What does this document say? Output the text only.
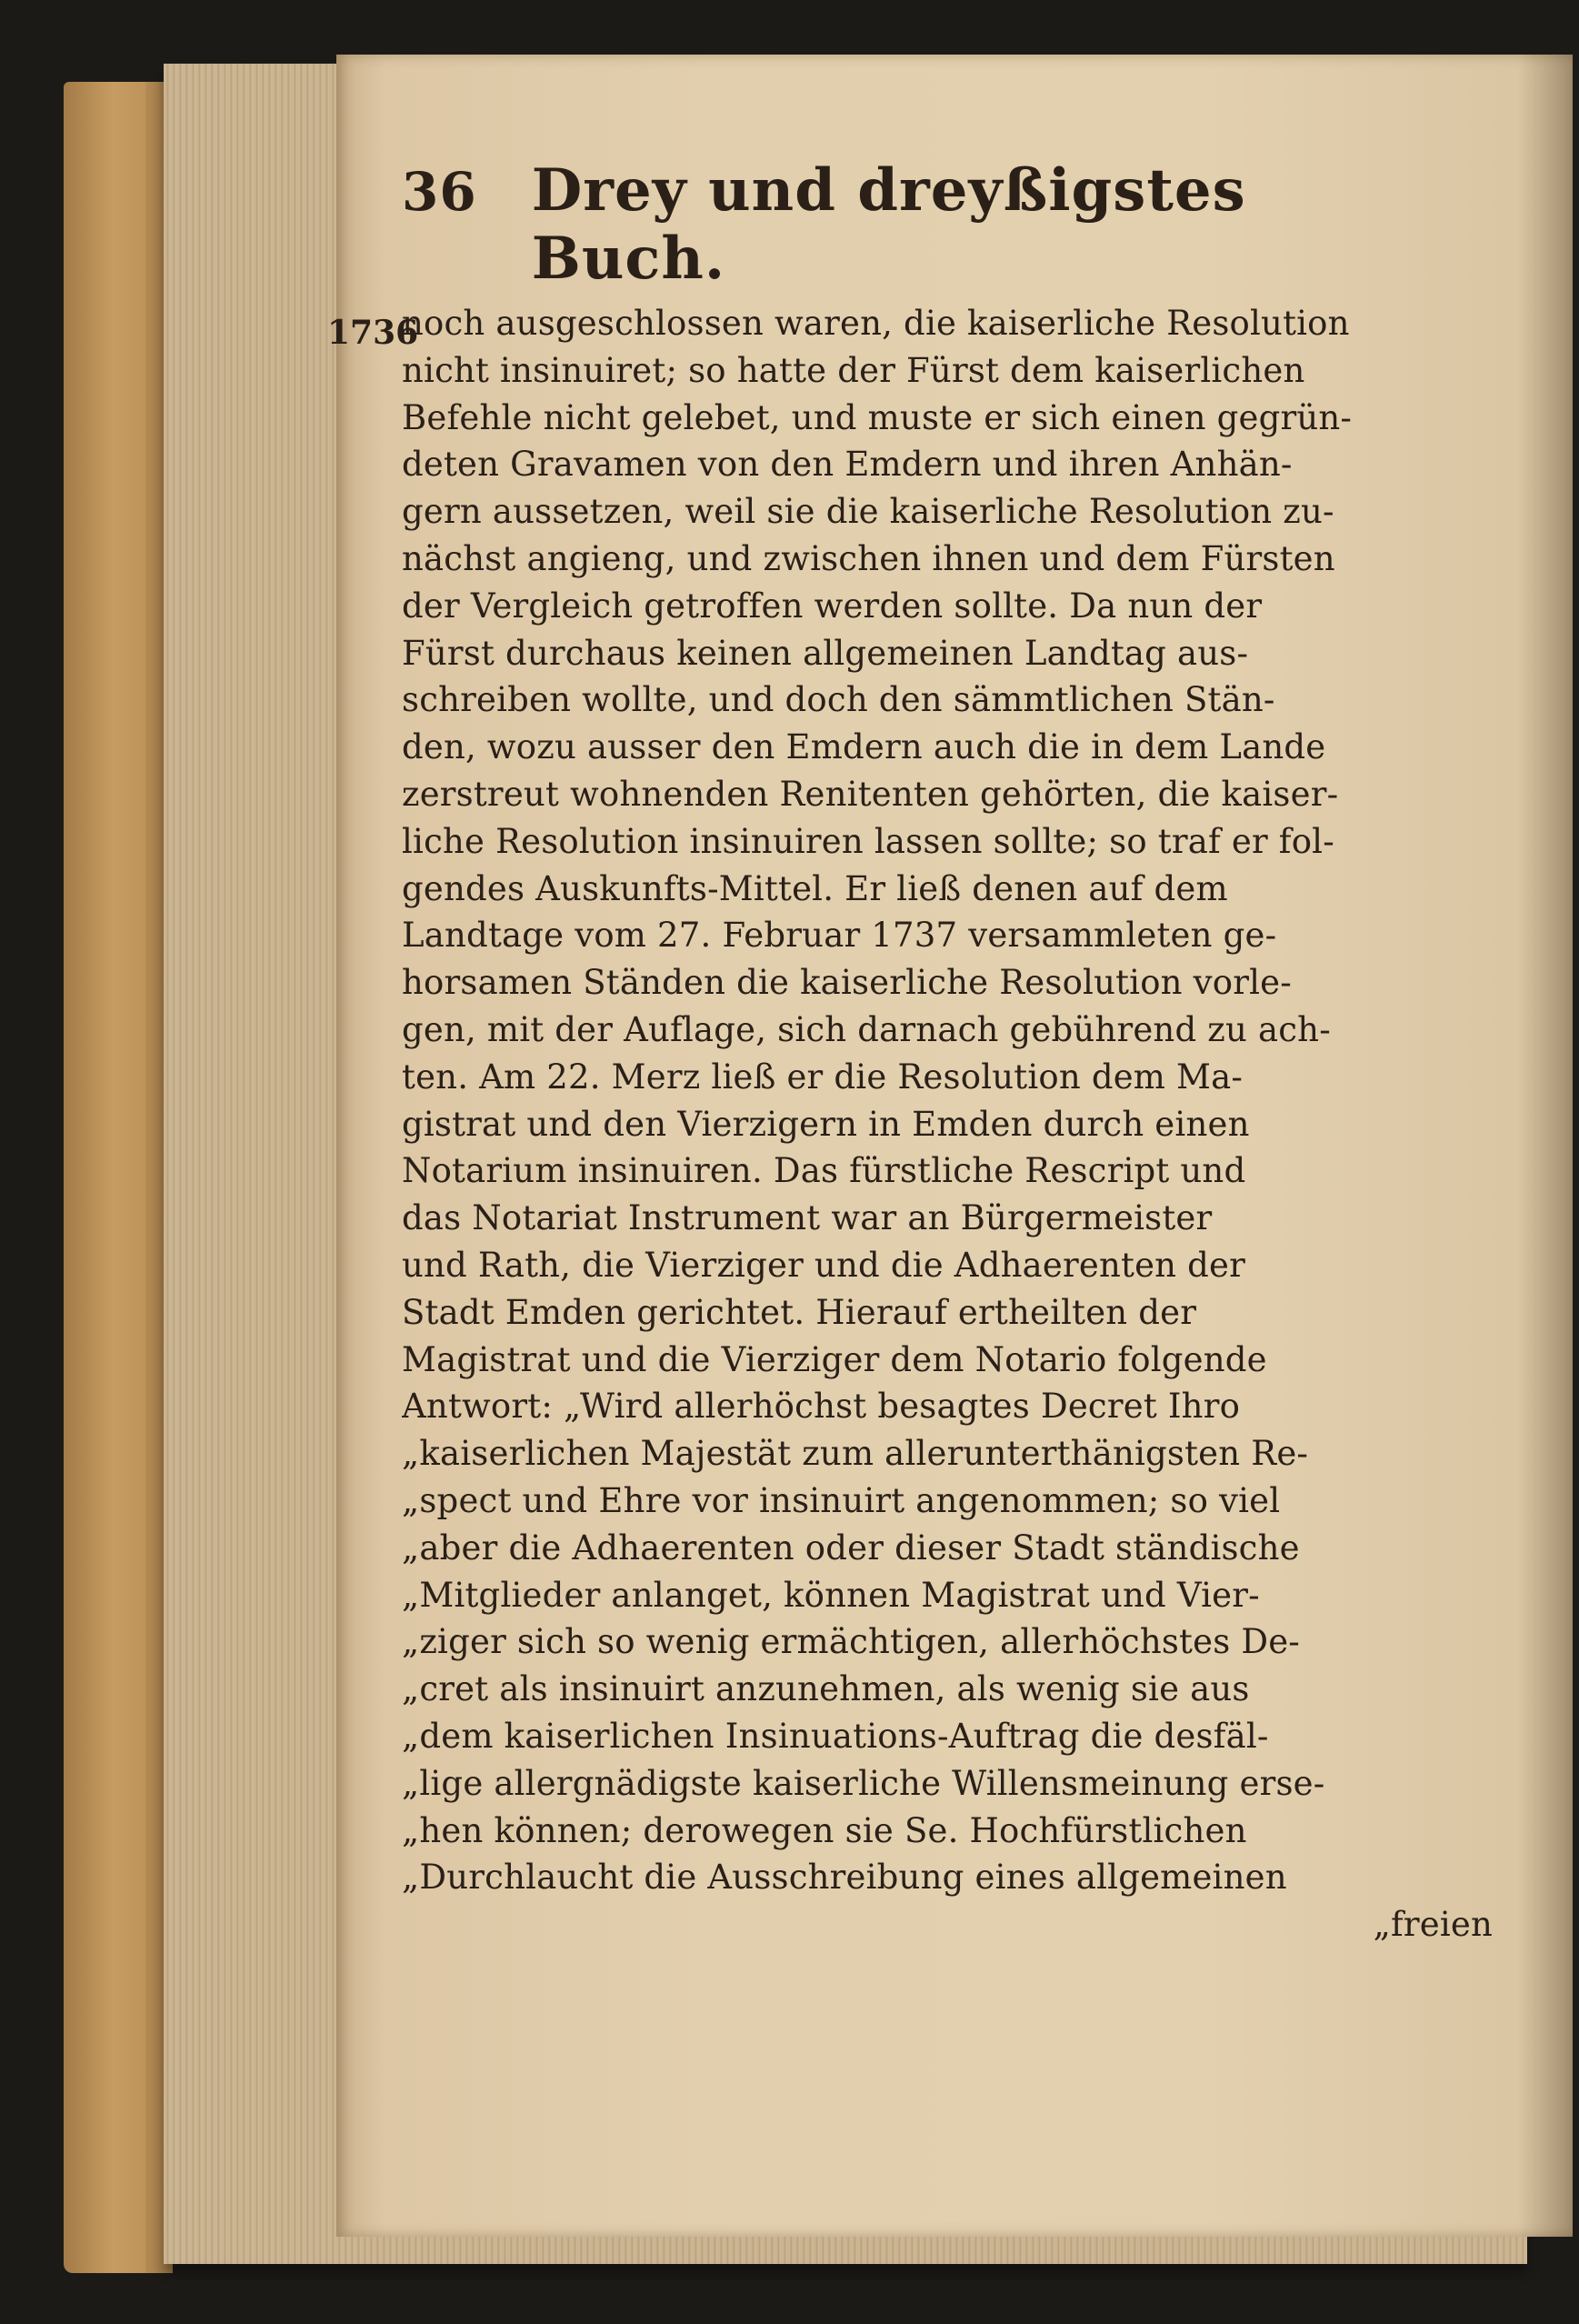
36 Drey und dreyßigstes Buch.
1736
noch ausgeschlossen waren, die kaiserliche Resolution
nicht insinuiret; so hatte der Fürst dem kaiserlichen
Befehle nicht gelebet, und muste er sich einen gegrün-
deten Gravamen von den Emdern und ihren Anhän-
gern aussetzen, weil sie die kaiserliche Resolution zu-
nächst angieng, und zwischen ihnen und dem Fürsten
der Vergleich getroffen werden sollte. Da nun der
Fürst durchaus keinen allgemeinen Landtag aus-
schreiben wollte, und doch den sämmtlichen Stän-
den, wozu ausser den Emdern auch die in dem Lande
zerstreut wohnenden Renitenten gehörten, die kaiser-
liche Resolution insinuiren lassen sollte; so traf er fol-
gendes Auskunfts-Mittel. Er ließ denen auf dem
Landtage vom 27. Februar 1737 versammleten ge-
horsamen Ständen die kaiserliche Resolution vorle-
gen, mit der Auflage, sich darnach gebührend zu ach-
ten. Am 22. Merz ließ er die Resolution dem Ma-
gistrat und den Vierzigern in Emden durch einen
Notarium insinuiren. Das fürstliche Rescript und
das Notariat Instrument war an Bürgermeister
und Rath, die Vierziger und die Adhaerenten der
Stadt Emden gerichtet. Hierauf ertheilten der
Magistrat und die Vierziger dem Notario folgende
Antwort: „Wird allerhöchst besagtes Decret Ihro
„kaiserlichen Majestät zum allerunterthänigsten Re-
„spect und Ehre vor insinuirt angenommen; so viel
„aber die Adhaerenten oder dieser Stadt ständische
„Mitglieder anlanget, können Magistrat und Vier-
„ziger sich so wenig ermächtigen, allerhöchstes De-
„cret als insinuirt anzunehmen, als wenig sie aus
„dem kaiserlichen Insinuations-Auftrag die desfäl-
„lige allergnädigste kaiserliche Willensmeinung erse-
„hen können; derowegen sie Se. Hochfürstlichen
„Durchlaucht die Ausschreibung eines allgemeinen
„freien
